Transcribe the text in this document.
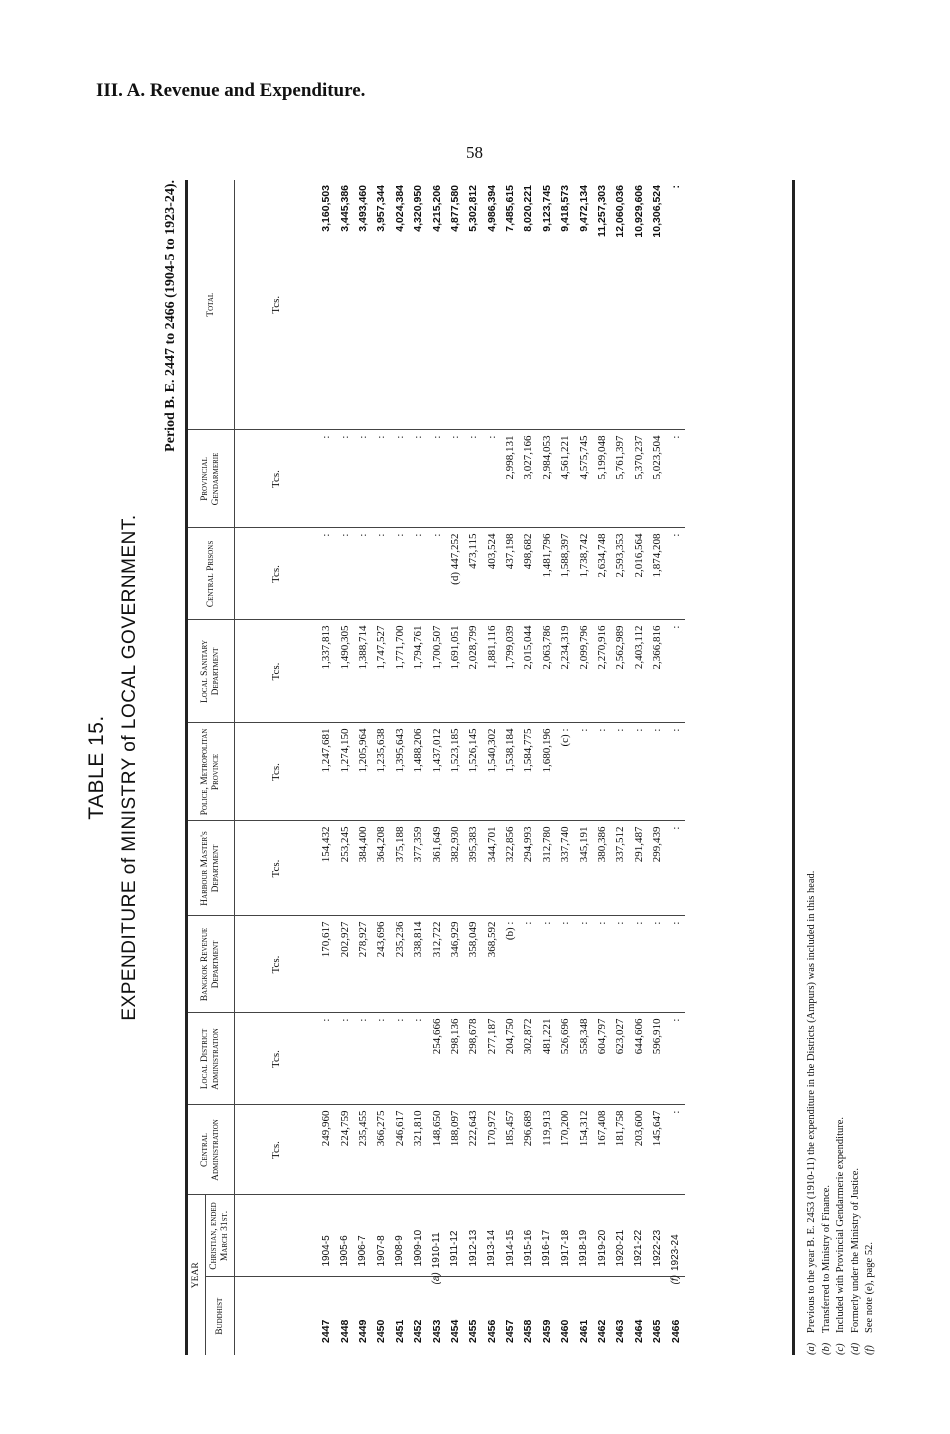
III. A. Revenue and Expenditure.
58
TABLE 15. EXPENDITURE of MINISTRY of LOCAL GOVERNMENT.
Period B. E. 2447 to 2466 (1904-5 to 1923-24).
YEAR		Central Administration	Local District Administration	Bangkok Revenue Department	Harbour Master's Department	Police, Metropolitan Province	Local Sanitary Department	Central Prisons	Provincial Gendarmerie	Total
Buddhist	Christian, ended March 31st.									
		Tcs.	Tcs.	Tcs.	Tcs.	Tcs.	Tcs.	Tcs.	Tcs.	Tcs.
2447	1904-5	249,960	:	170,617	154,432	1,247,681	1,337,813	:	:	3,160,503
2448	1905-6	224,759	:	202,927	253,245	1,274,150	1,490,305	:	:	3,445,386
2449	1906-7	235,455	:	278,927	384,400	1,205,964	1,388,714	:	:	3,493,460
2450	1907-8	366,275	:	243,696	364,208	1,235,638	1,747,527	:	:	3,957,344
2451	1908-9	246,617	:	235,236	375,188	1,395,643	1,771,700	:	:	4,024,384
2452	1909-10	321,810	:	338,814	377,359	1,488,206	1,794,761	:	:	4,320,950
2453	(a)1910-11	148,650	254,666	312,722	361,649	1,437,012	1,700,507	:	:	4,215,206
2454	1911-12	188,097	298,136	346,929	382,930	1,523,185	1,691,051	(d) 447,252	:	4,877,580
2455	1912-13	222,643	298,678	358,049	395,383	1,526,145	2,028,799	473,115	:	5,302,812
2456	1913-14	170,972	277,187	368,592	344,701	1,540,302	1,881,116	403,524	:	4,986,394
2457	1914-15	185,457	204,750	(b) :	322,856	1,538,184	1,799,039	437,198	2,998,131	7,485,615
2458	1915-16	296,689	302,872	:	294,993	1,584,775	2,015,044	498,682	3,027,166	8,020,221
2459	1916-17	119,913	481,221	:	312,780	1,680,196	2,063,786	1,481,796	2,984,053	9,123,745
2460	1917-18	170,200	526,696	:	337,740	(c) :	2,234,319	1,588,397	4,561,221	9,418,573
2461	1918-19	154,312	558,348	:	345,191	:	2,099,796	1,738,742	4,575,745	9,472,134
2462	1919-20	167,408	604,797	:	380,386	:	2,270,916	2,634,748	5,199,048	11,257,303
2463	1920-21	181,758	623,027	:	337,512	:	2,562,989	2,593,353	5,761,397	12,060,036
2464	1921-22	203,600	644,606	:	291,487	:	2,403,112	2,016,564	5,370,237	10,929,606
2465	1922-23	145,647	596,910	:	299,439	:	2,366,816	1,874,208	5,023,504	10,306,524
2466	(f)1923-24	:	:	:	:	:	:	:	:	:
(a)Previous to the year B. E. 2453 (1910-11) the expenditure in the Districts (Ampurs) was included in this head.
(b)Transferred to Ministry of Finance.
(c)Included with Provincial Gendarmerie expenditure.
(d)Formerly under the Ministry of Justice.
(f)See note (e), page 52.
